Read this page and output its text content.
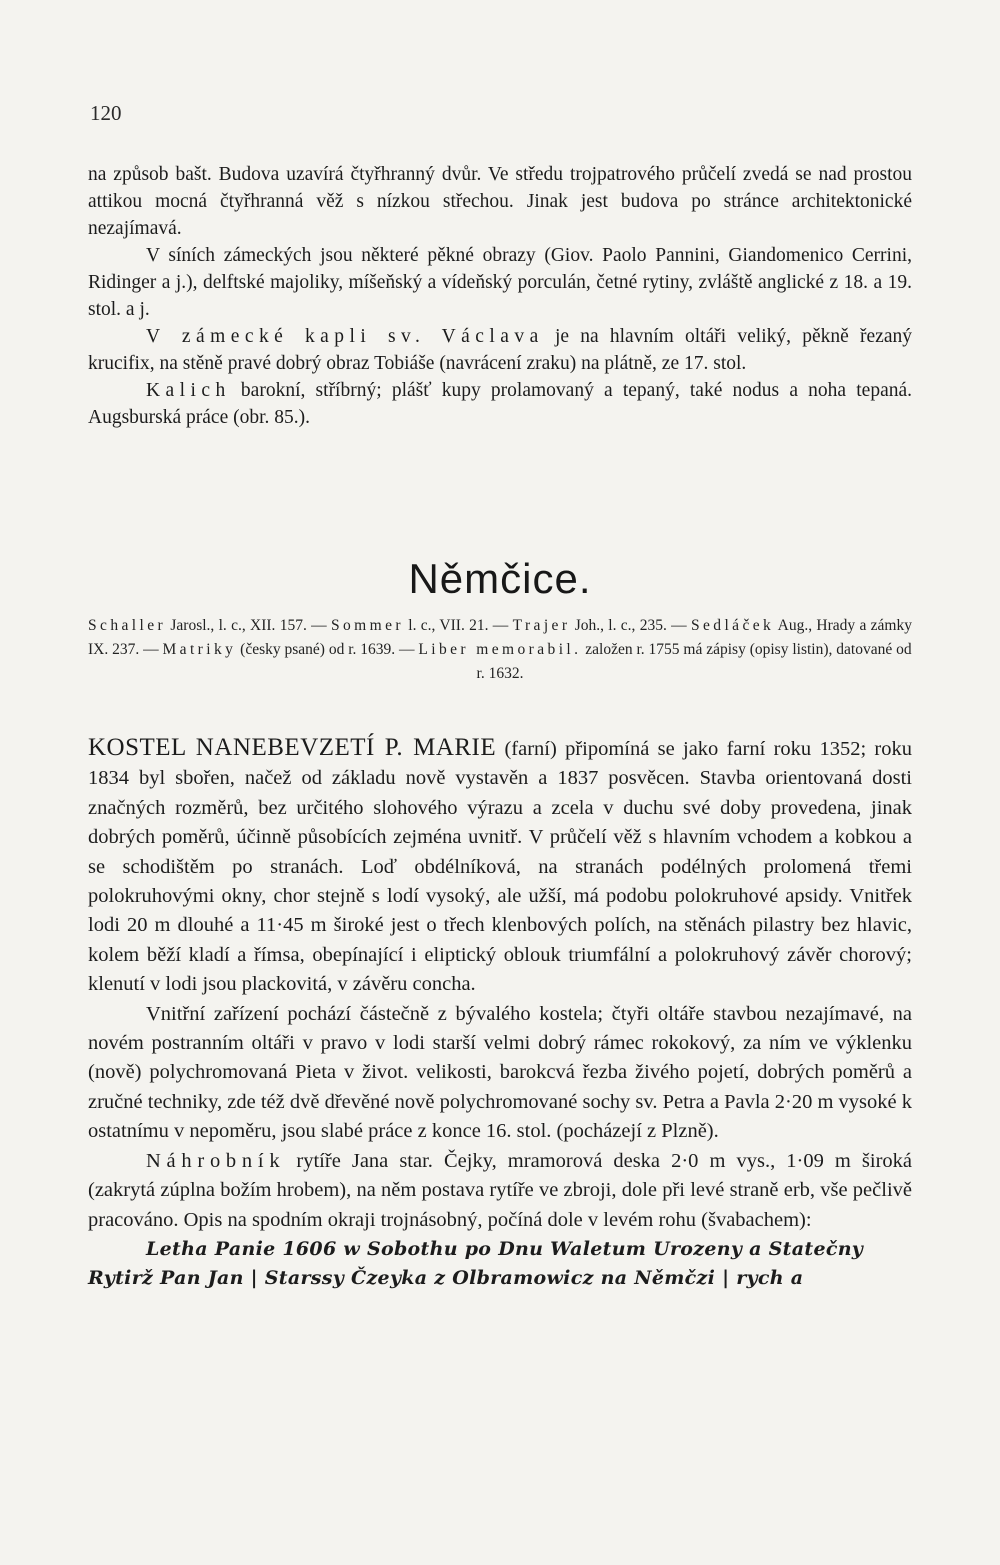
120

na způsob bašt. Budova uzavírá čtyřhranný dvůr. Ve středu trojpatrového průčelí zvedá se nad prostou attikou mocná čtyřhranná věž s nízkou střechou. Jinak jest budova po stránce architektonické nezajímavá.

V síních zámeckých jsou některé pěkné obrazy (Giov. Paolo Pannini, Giandomenico Cerrini, Ridinger a j.), delftské majoliky, míšeňský a vídeňský porculán, četné rytiny, zvláště anglické z 18. a 19. stol. a j.

V zámecké kapli sv. Václava je na hlavním oltáři veliký, pěkně řezaný krucifix, na stěně pravé dobrý obraz Tobiáše (navrácení zraku) na plátně, ze 17. stol.

Kalich barokní, stříbrný; plášť kupy prolamovaný a tepaný, také nodus a noha tepaná. Augsburská práce (obr. 85.).

Němčice.
Schaller Jarosl., l. c., XII. 157. — Sommer l. c., VII. 21. — Trajer Joh., l. c., 235. — Sedláček Aug., Hrady a zámky IX. 237. — Matriky (česky psané) od r. 1639. — Liber memorabil. založen r. 1755 má zápisy (opisy listin), datované od
r. 1632.

KOSTEL NANEBEVZETÍ P. MARIE (farní) připomíná se jako farní roku 1352; roku 1834 byl sbořen, načež od základu nově vystavěn a 1837 posvěcen. Stavba orientovaná dosti značných rozměrů, bez určitého slohového výrazu a zcela v duchu své doby provedena, jinak dobrých poměrů, účinně působících zejména uvnitř. V průčelí věž s hlavním vchodem a kobkou a se schodištěm po stranách. Loď obdélníková, na stranách podélných prolomená třemi polokruhovými okny, chor stejně s lodí vysoký, ale užší, má podobu polokruhové apsidy. Vnitřek lodi 20 m dlouhé a 11·45 m široké jest o třech klenbových polích, na stěnách pilastry bez hlavic, kolem běží kladí a římsa, obepínající i eliptický oblouk triumfální a polokruhový závěr chorový; klenutí v lodi jsou plackovitá, v závěru concha.

Vnitřní zařízení pochází částečně z bývalého kostela; čtyři oltáře stavbou nezajímavé, na novém postranním oltáři v pravo v lodi starší velmi dobrý rámec rokokový, za ním ve výklenku (nově) polychromovaná Pieta v život. velikosti, barokcvá řezba živého pojetí, dobrých poměrů a zručné techniky, zde též dvě dřevěné nově polychromované sochy sv. Petra a Pavla 2·20 m vysoké k ostatnímu v nepoměru, jsou slabé práce z konce 16. stol. (pocházejí z Plzně).

Náhrobník rytíře Jana star. Čejky, mramorová deska 2·0 m vys., 1·09 m široká (zakrytá zúplna božím hrobem), na něm postava rytíře ve zbroji, dole při levé straně erb, vše pečlivě pracováno. Opis na spodním okraji trojnásobný, počíná dole v levém rohu (švabachem):

Letha Panie 1606 w Sobothu po Dnu Waletum Urozeny a Statečny

Rytirž Pan Jan | Starssy Čzeyka z Olbramowicz na Němčzi | rych a
